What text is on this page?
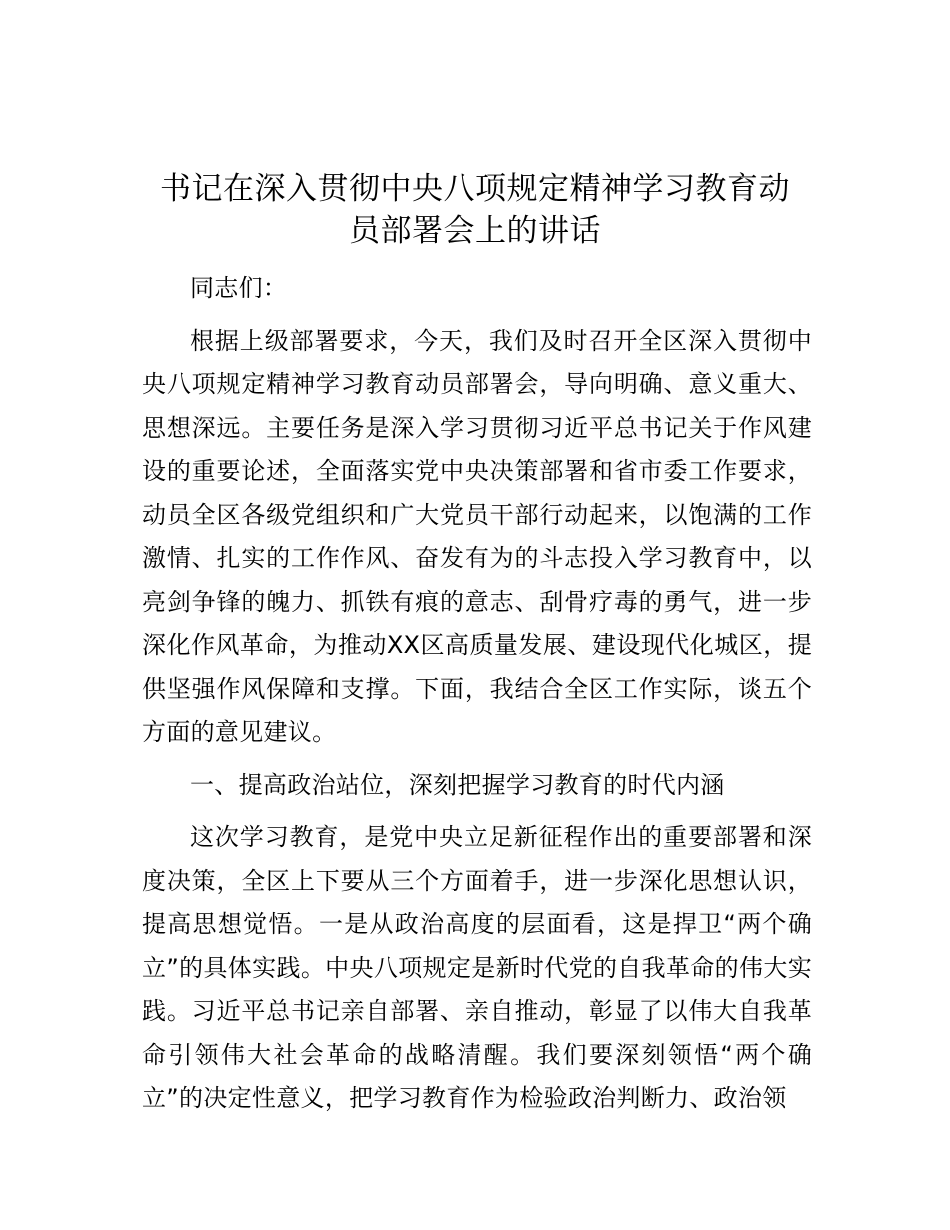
书记在深入贯彻中央八项规定精神学习教育动
员部署会上的讲话

同志们：

根据上级部署要求，今天，我们及时召开全区深入贯彻中央八项规定精神学习教育动员部署会，导向明确、意义重大、思想深远。主要任务是深入学习贯彻习近平总书记关于作风建设的重要论述，全面落实党中央决策部署和省市委工作要求，动员全区各级党组织和广大党员干部行动起来，以饱满的工作激情、扎实的工作作风、奋发有为的斗志投入学习教育中，以亮剑争锋的魄力、抓铁有痕的意志、刮骨疗毒的勇气，进一步深化作风革命，为推动XX区高质量发展、建设现代化城区，提供坚强作风保障和支撑。下面，我结合全区工作实际，谈五个方面的意见建议。

一、提高政治站位，深刻把握学习教育的时代内涵

这次学习教育，是党中央立足新征程作出的重要部署和深度决策，全区上下要从三个方面着手，进一步深化思想认识，提高思想觉悟。一是从政治高度的层面看，这是捍卫“两个确立”的具体实践。中央八项规定是新时代党的自我革命的伟大实践。习近平总书记亲自部署、亲自推动，彰显了以伟大自我革命引领伟大社会革命的战略清醒。我们要深刻领悟“两个确立”的决定性意义，把学习教育作为检验政治判断力、政治领
